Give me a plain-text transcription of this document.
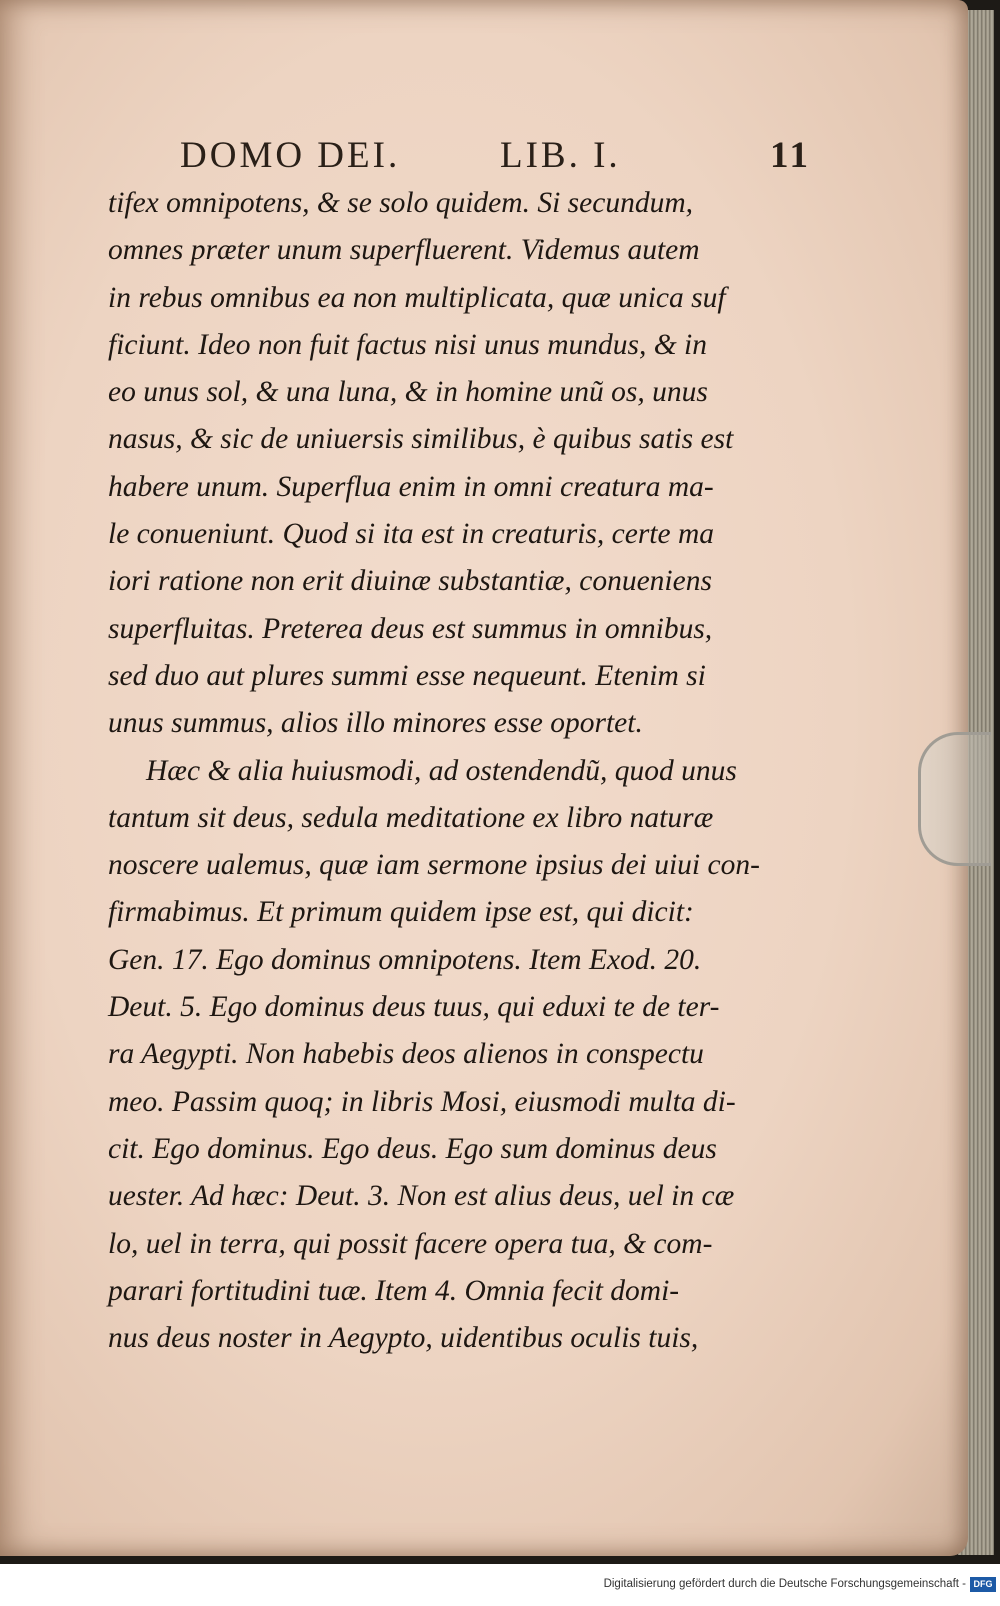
DOMO DEI.	LIB. I.	11
tifex omnipotens, & se solo quidem. Si secundum,
omnes præter unum superfluerent. Videmus autem
in rebus omnibus ea non multiplicata, quæ unica suf
ficiunt. Ideo non fuit factus nisi unus mundus, & in
eo unus sol, & una luna, & in homine unũ os, unus
nasus, & sic de uniuersis similibus, è quibus satis est
habere unum. Superflua enim in omni creatura ma-
le conueniunt. Quod si ita est in creaturis, certe ma
iori ratione non erit diuinæ substantiæ, conueniens
superfluitas. Preterea deus est summus in omnibus,
sed duo aut plures summi esse nequeunt. Etenim si
unus summus, alios illo minores esse oportet.
Hæc & alia huiusmodi, ad ostendendũ, quod unus
tantum sit deus, sedula meditatione ex libro naturæ
noscere ualemus, quæ iam sermone ipsius dei uiui con-
firmabimus. Et primum quidem ipse est, qui dicit:
Gen. 17. Ego dominus omnipotens. Item Exod. 20.
Deut. 5. Ego dominus deus tuus, qui eduxi te de ter-
ra Aegypti. Non habebis deos alienos in conspectu
meo. Passim quoq; in libris Mosi, eiusmodi multa di-
cit. Ego dominus. Ego deus. Ego sum dominus deus
uester. Ad hæc: Deut. 3. Non est alius deus, uel in cæ
lo, uel in terra, qui possit facere opera tua, & com-
parari fortitudini tuæ. Item 4. Omnia fecit domi-
nus deus noster in Aegypto, uidentibus oculis tuis,
Digitalisierung gefördert durch die Deutsche Forschungsgemeinschaft - DFG
